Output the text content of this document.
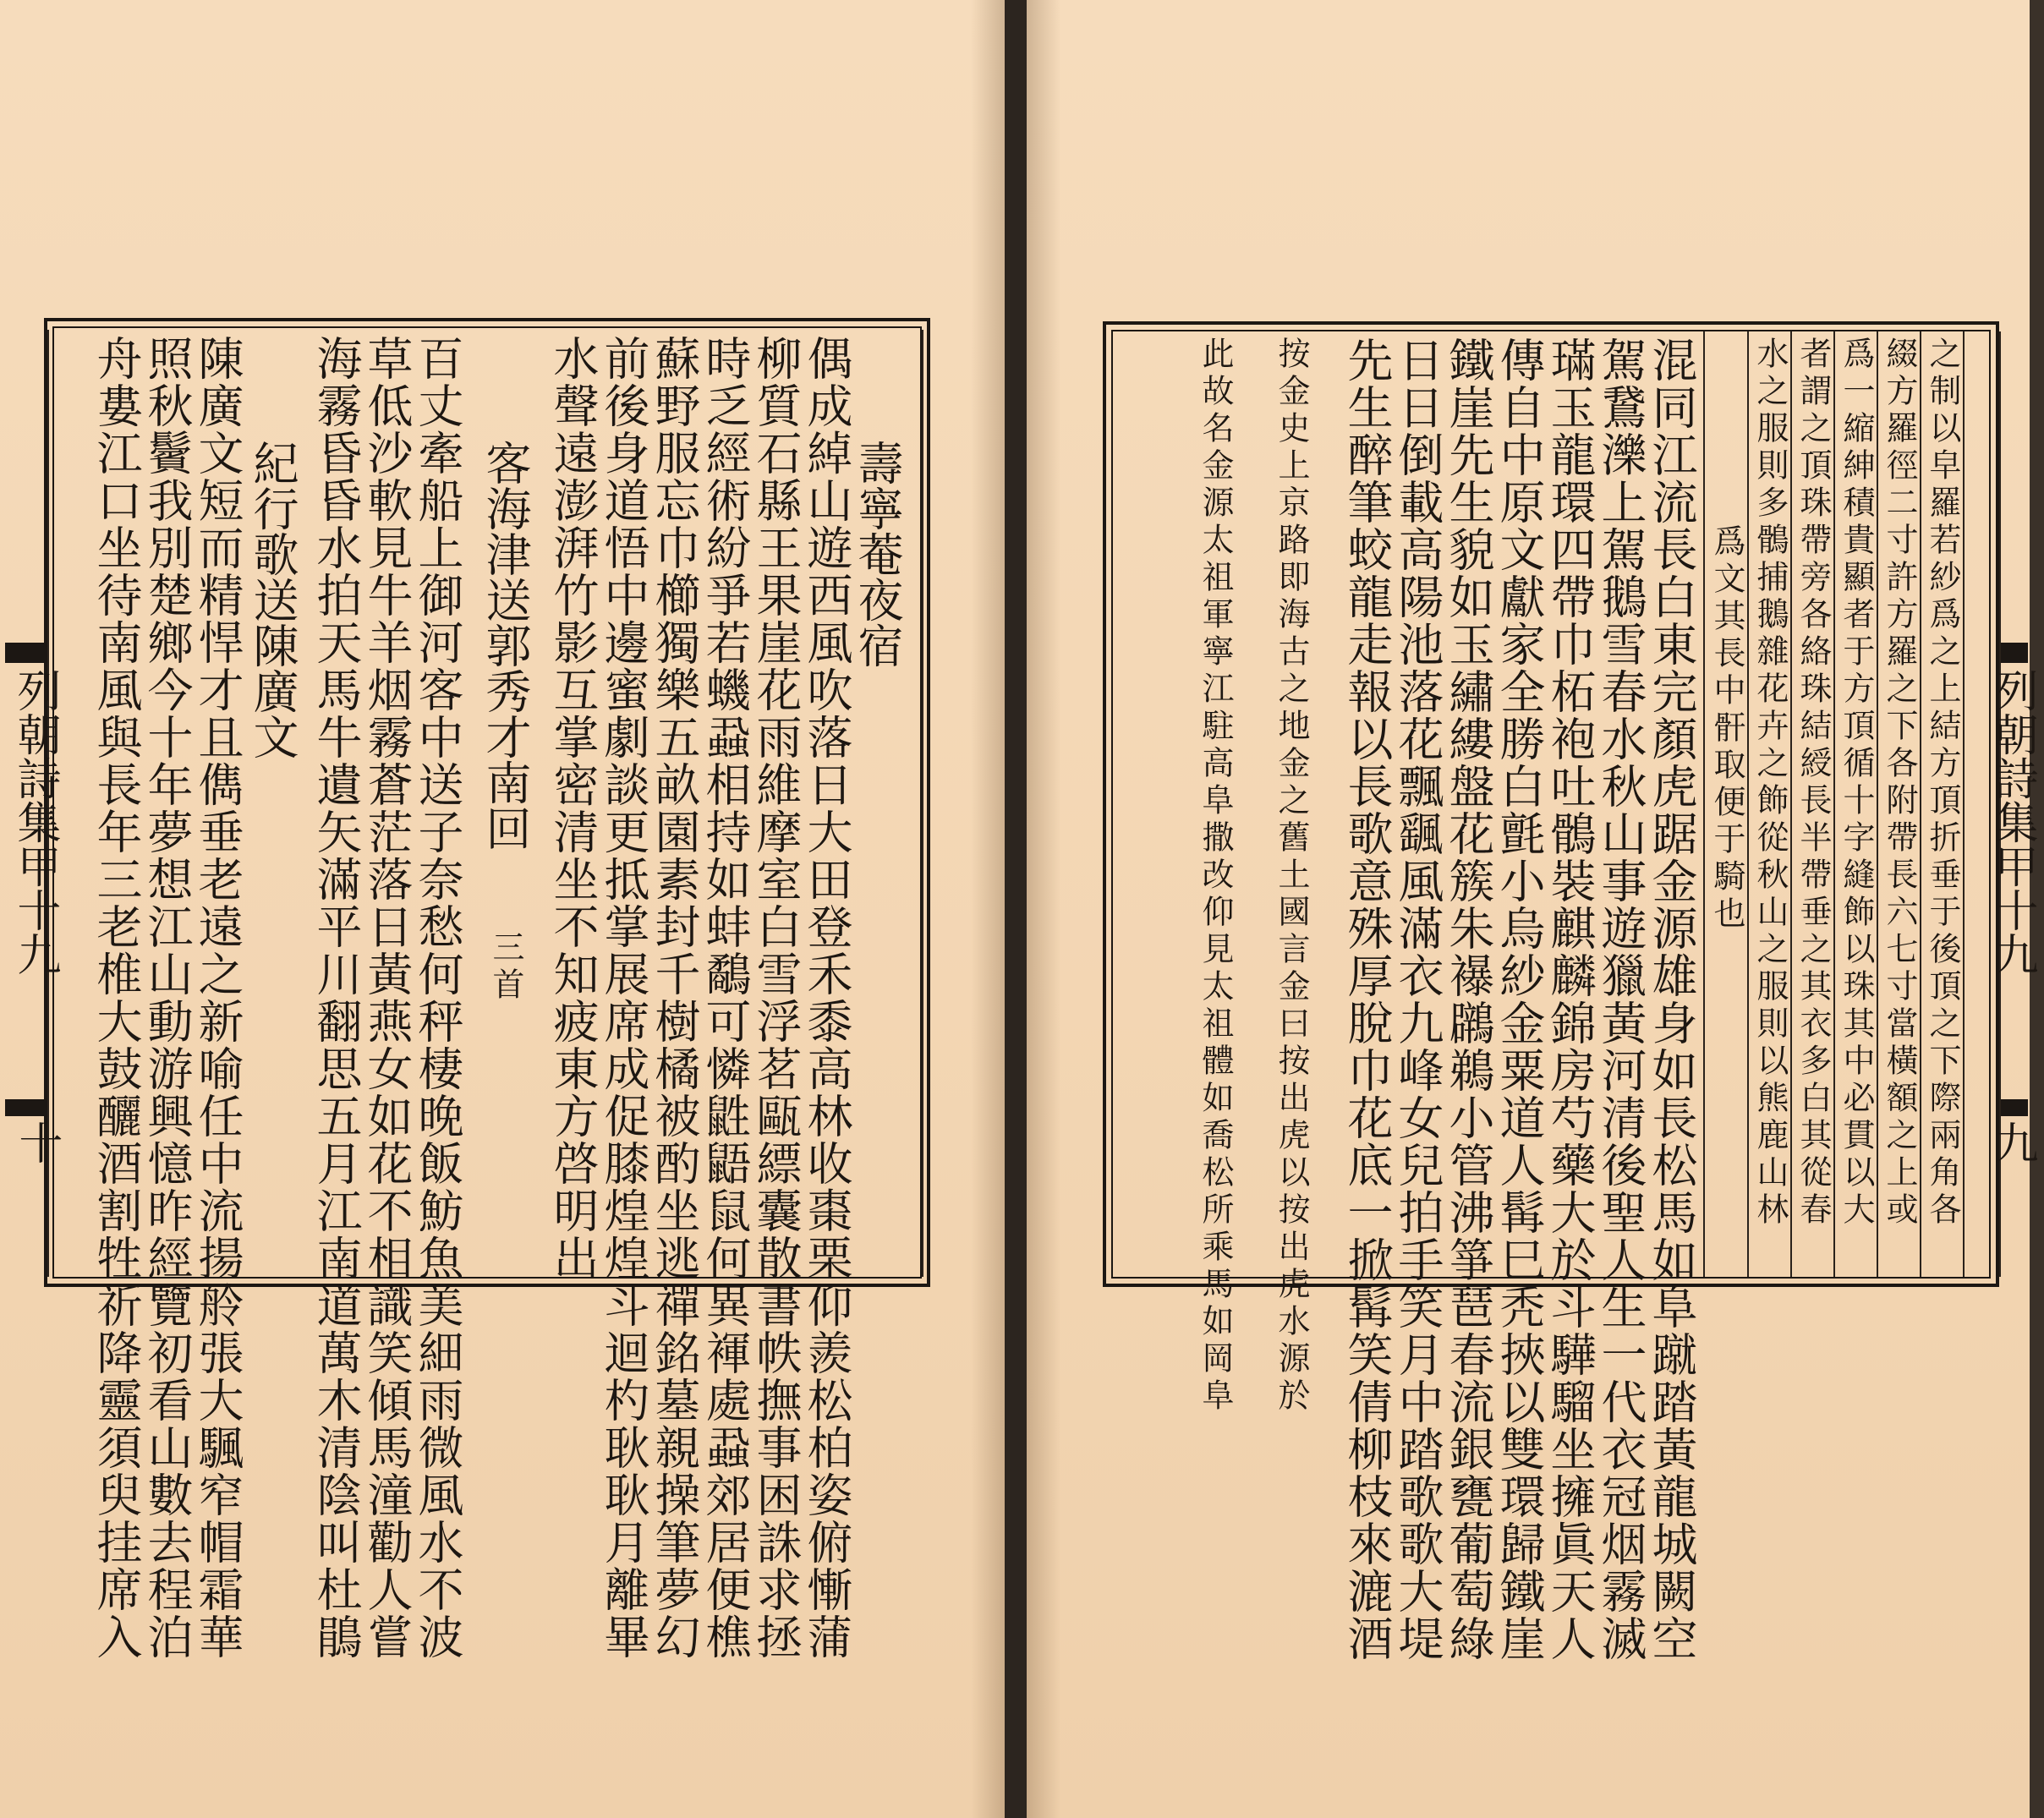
壽寧菴夜宿
偶成綽山遊西風吹落日大田登禾黍高林收棗栗仰羨松柏姿俯慚蒲
柳質石縣王果崖花雨維摩室白雪浮茗甌縹囊散書帙撫事困誅求拯
時乏經術紛爭若蟣蝨相持如蚌鷸可憐鼪鼯鼠何異褌處蝨郊居便樵
蘇野服忘巾櫛獨樂五畝園素封千樹橘被酌坐逃禪銘墓親操筆夢幻
前後身道悟中邊蜜劇談更抵掌展席成促膝煌煌斗迴杓耿耿月離畢
水聲遠澎湃竹影互掌密清坐不知疲東方啓明出
客海津送郭秀才南回
三首
百丈牽船上御河客中送子奈愁何秤棲晚飯魴魚美細雨微風水不波
草低沙軟見牛羊烟霧蒼茫落日黃燕女如花不相識笑傾馬潼勸人嘗
海霧昏昏水拍天馬牛遺矢滿平川翻思五月江南道萬木清陰叫杜鵑
紀行歌送陳廣文
陳廣文短而精悍才且儁垂老遠之新喻任中流揚舲張大颿窄帽霜華
照秋鬢我別楚鄉今十年夢想江山動游興憶昨經覽初看山數去程泊
舟婁江口坐待南風與長年三老椎大鼓釃酒割牲祈降靈須臾挂席入
列朝詩集甲十九
十	之制以皁羅若紗爲之上結方頂折垂于後頂之下際兩角各
綴方羅徑二寸許方羅之下各附帶長六七寸當橫額之上或
爲一縮紳積貴顯者于方頂循十字縫飾以珠其中必貫以大
者謂之頂珠帶旁各絡珠結綬長半帶垂之其衣多白其從春
水之服則多鶻捕鵝雜花卉之飾從秋山之服則以熊鹿山林
爲文其長中骭取便于騎也
混同江流長白東完顏虎踞金源雄身如長松馬如阜蹴踏黃龍城闕空
駕鵞濼上駕鵝雪春水秋山事遊獵黃河清後聖人生一代衣冠烟霧滅
璊玉龍環四帶巾柘袍吐鶻裝麒麟錦房芍藥大於斗驊騮坐擁眞天人
傳自中原文獻家全勝白氈小烏紗金粟道人髯巳秃挾以雙環歸鐵崖
鐵崖先生貌如玉繡縷盤花簇朱襮鸊鵜小管沸箏琶春流銀甕葡萄綠
日日倒載高陽池落花飄颻風滿衣九峰女兒拍手笑月中踏歌歌大堤
先生醉筆蛟龍走報以長歌意殊厚脫巾花底一掀髯笑倩柳枝來漉酒
按金史上京路即海古之地金之舊土國言金曰按出虎以按出虎水源於
此故名金源太祖軍寧江駐高阜撒改仰見太祖體如喬松所乘馬如岡阜	列朝詩集甲十九
九
